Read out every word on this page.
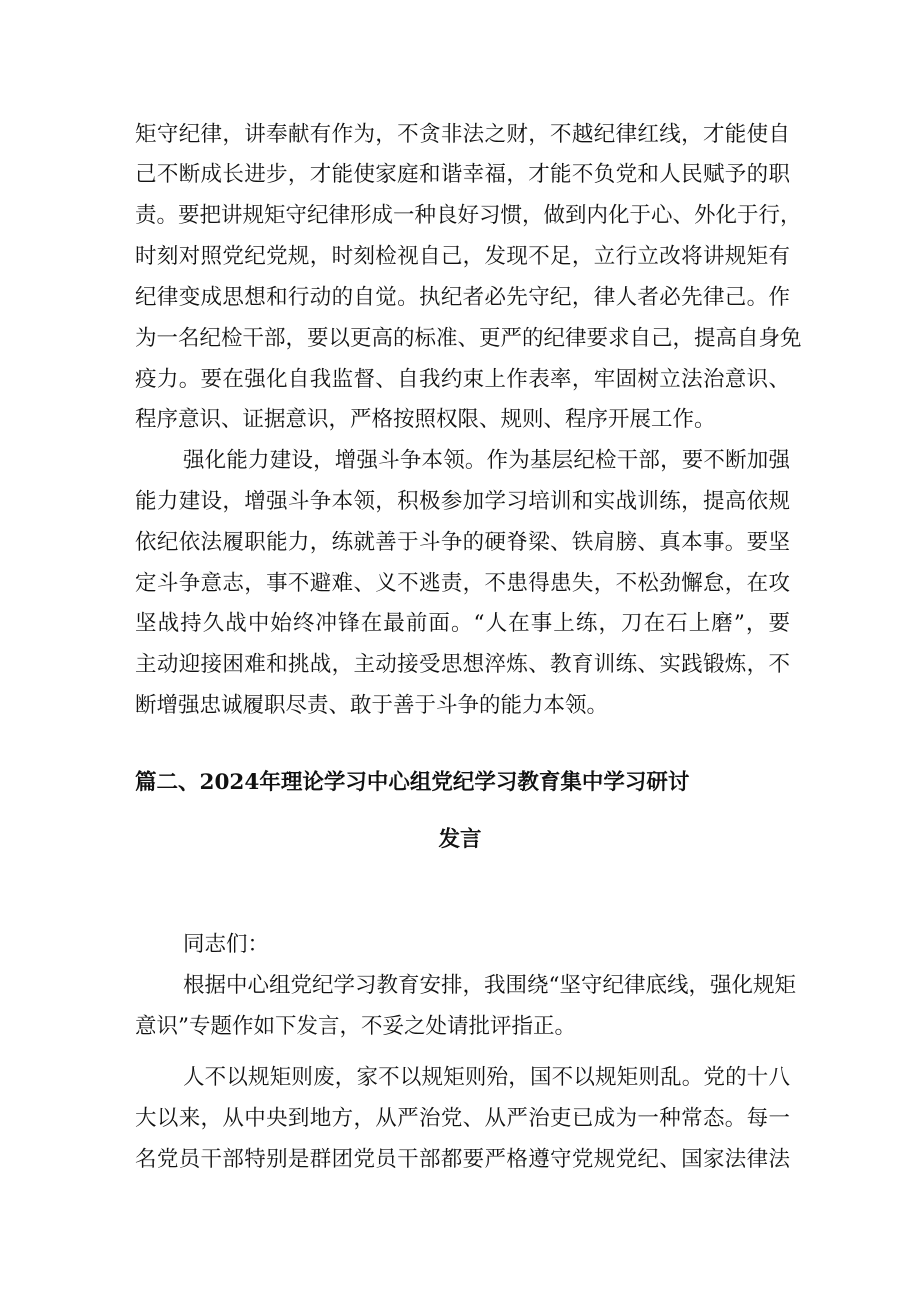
矩守纪律，讲奉献有作为，不贪非法之财，不越纪律红线，才能使自
己不断成长进步，才能使家庭和谐幸福，才能不负党和人民赋予的职
责。要把讲规矩守纪律形成一种良好习惯，做到内化于心、外化于行，
时刻对照党纪党规，时刻检视自己，发现不足，立行立改将讲规矩有
纪律变成思想和行动的自觉。执纪者必先守纪，律人者必先律己。作
为一名纪检干部，要以更高的标准、更严的纪律要求自己，提高自身免
疫力。要在强化自我监督、自我约束上作表率，牢固树立法治意识、
程序意识、证据意识，严格按照权限、规则、程序开展工作。
强化能力建设，增强斗争本领。作为基层纪检干部，要不断加强
能力建设，增强斗争本领，积极参加学习培训和实战训练，提高依规
依纪依法履职能力，练就善于斗争的硬脊梁、铁肩膀、真本事。要坚
定斗争意志，事不避难、义不逃责，不患得患失，不松劲懈怠，在攻
坚战持久战中始终冲锋在最前面。“人在事上练，刀在石上磨”，要
主动迎接困难和挑战，主动接受思想淬炼、教育训练、实践锻炼，不
断增强忠诚履职尽责、敢于善于斗争的能力本领。
篇二、2024年理论学习中心组党纪学习教育集中学习研讨
发言
同志们：
根据中心组党纪学习教育安排，我围绕“坚守纪律底线，强化规矩
意识”专题作如下发言，不妥之处请批评指正。
人不以规矩则废，家不以规矩则殆，国不以规矩则乱。党的十八
大以来，从中央到地方，从严治党、从严治吏已成为一种常态。每一
名党员干部特别是群团党员干部都要严格遵守党规党纪、国家法律法
